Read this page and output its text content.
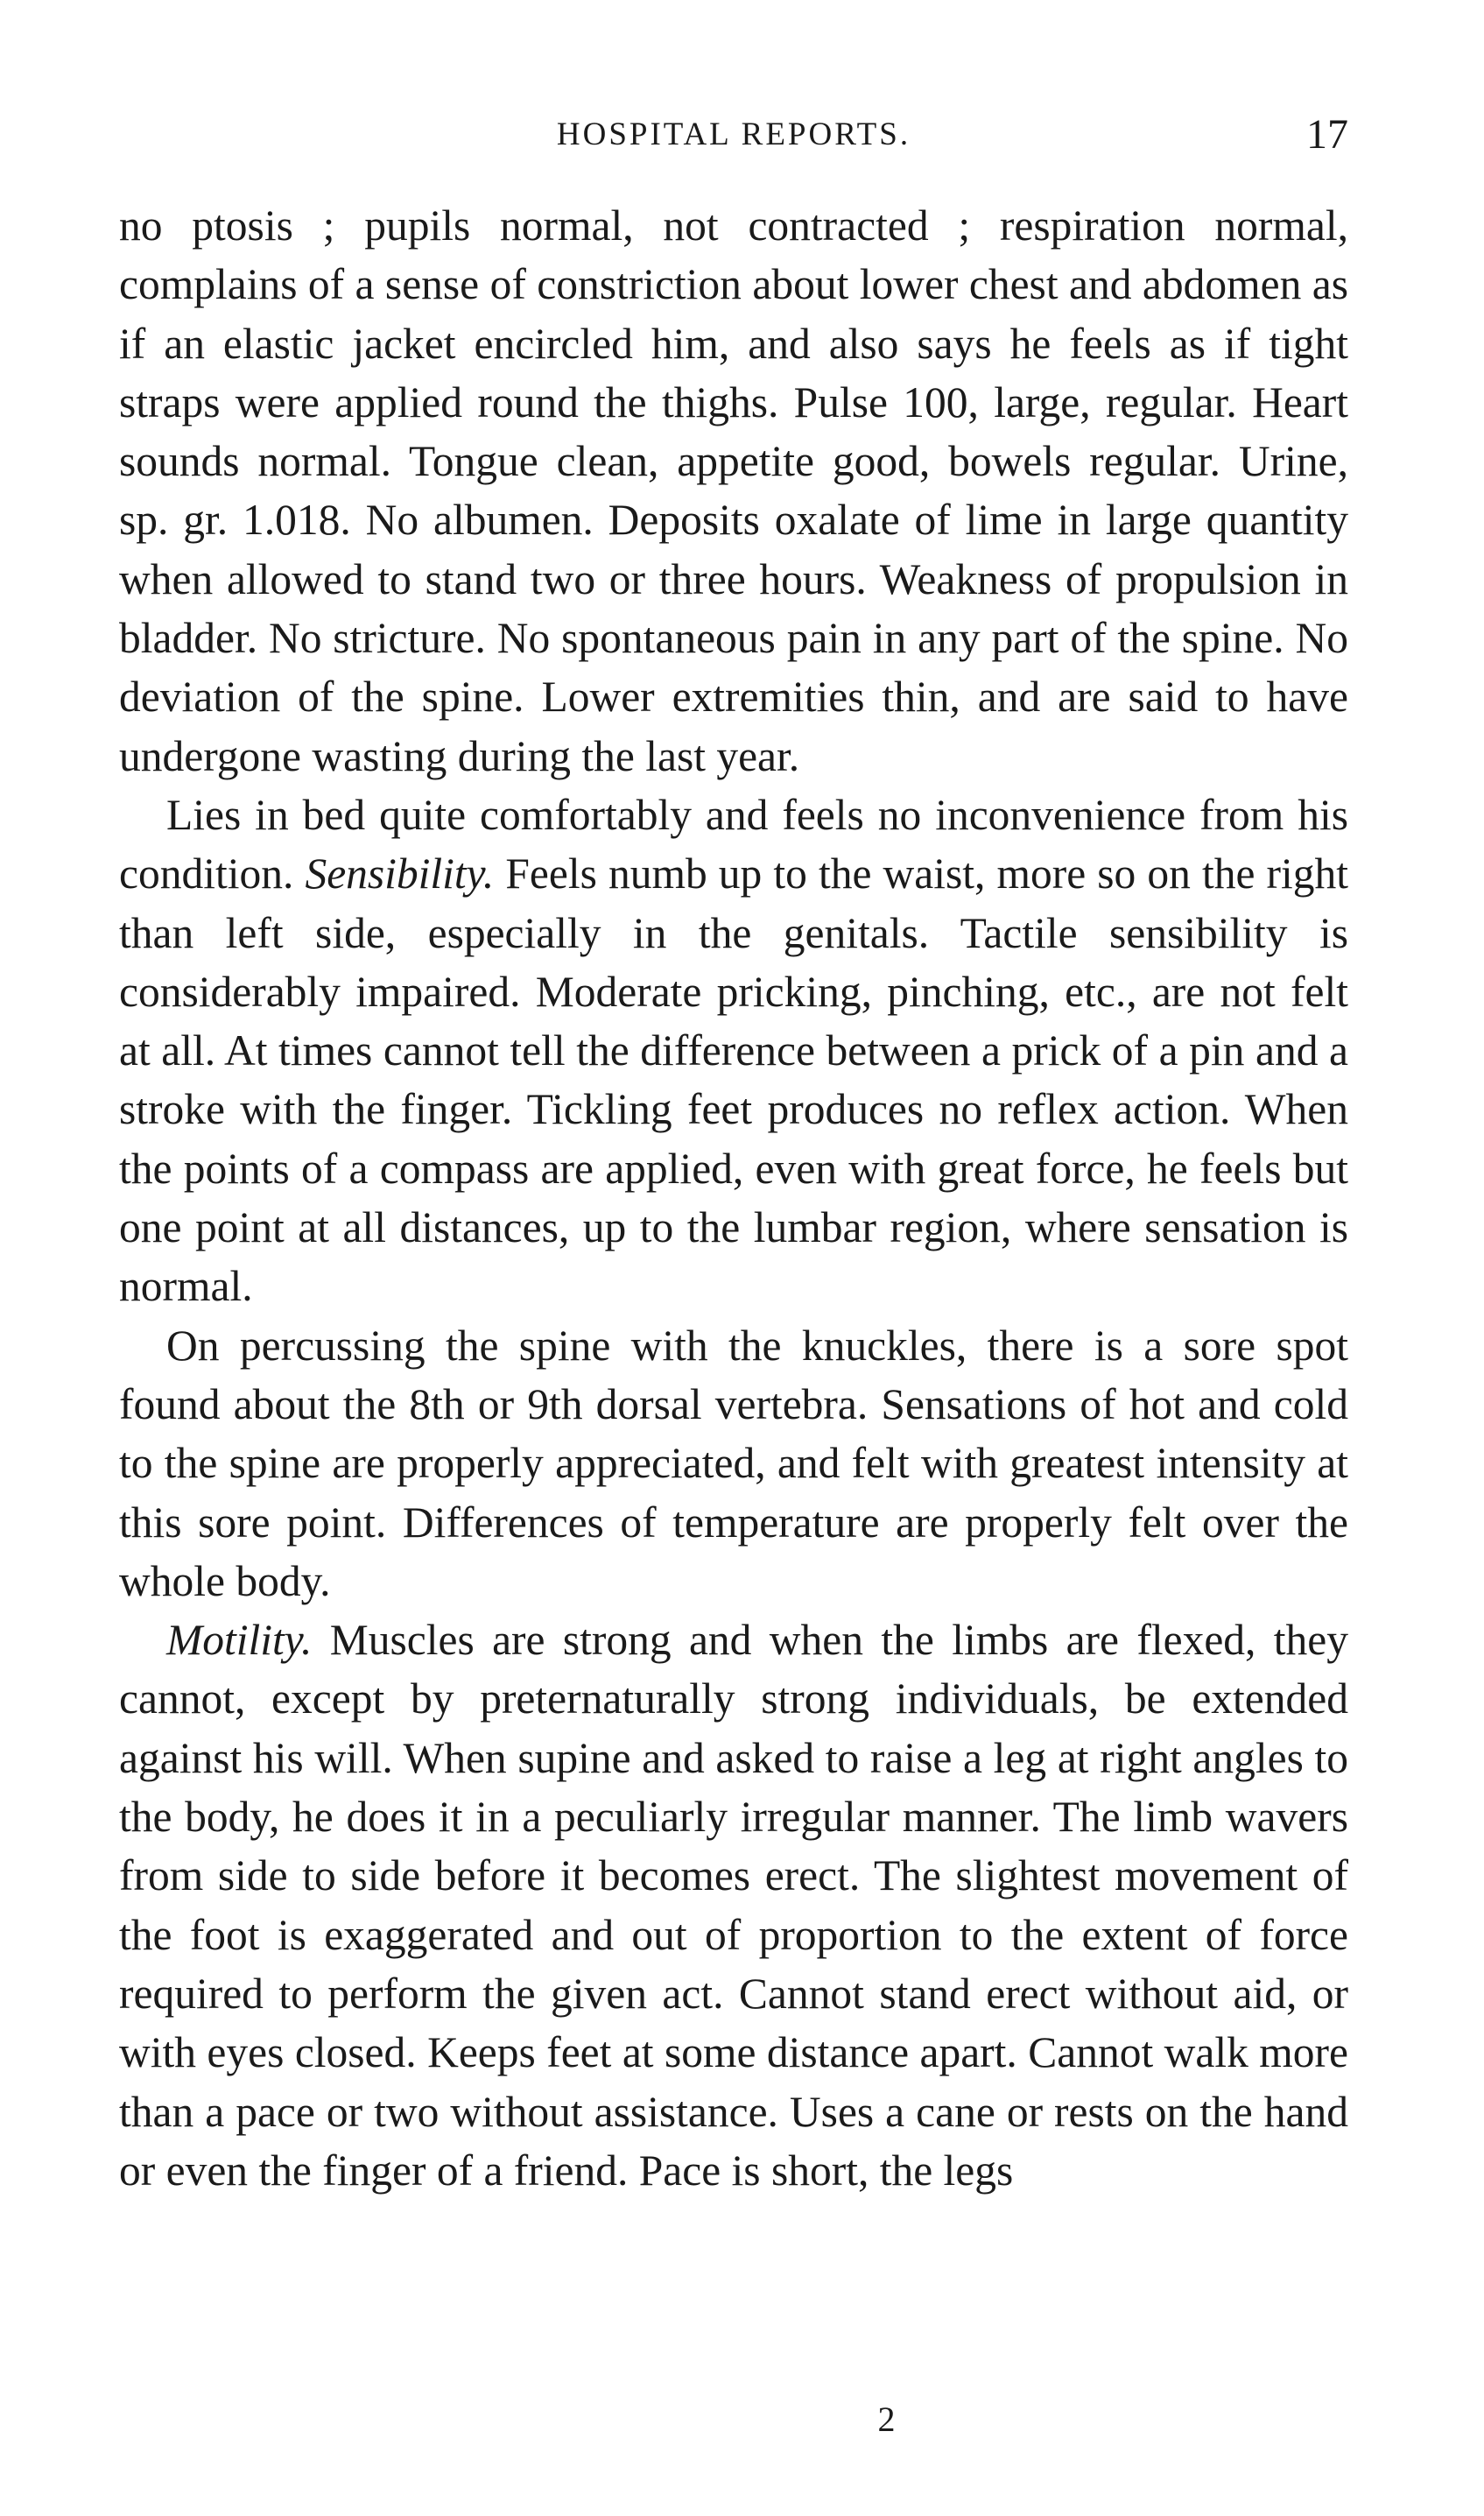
HOSPITAL REPORTS.	17

no ptosis ; pupils normal, not contracted ; respiration normal, complains of a sense of constriction about lower chest and abdomen as if an elastic jacket encircled him, and also says he feels as if tight straps were applied round the thighs. Pulse 100, large, regular. Heart sounds normal. Tongue clean, appetite good, bowels regular. Urine, sp. gr. 1.018. No albumen. Deposits oxalate of lime in large quantity when allowed to stand two or three hours. Weakness of propulsion in bladder. No stricture. No spontaneous pain in any part of the spine. No deviation of the spine. Lower extremities thin, and are said to have undergone wasting during the last year.

Lies in bed quite comfortably and feels no inconvenience from his condition. Sensibility. Feels numb up to the waist, more so on the right than left side, especially in the genitals. Tactile sensibility is considerably impaired. Moderate pricking, pinching, etc., are not felt at all. At times cannot tell the difference between a prick of a pin and a stroke with the finger. Tickling feet produces no reflex action. When the points of a compass are applied, even with great force, he feels but one point at all distances, up to the lumbar region, where sensation is normal.

On percussing the spine with the knuckles, there is a sore spot found about the 8th or 9th dorsal vertebra. Sensations of hot and cold to the spine are properly appreciated, and felt with greatest intensity at this sore point. Differences of temperature are properly felt over the whole body.

Motility. Muscles are strong and when the limbs are flexed, they cannot, except by preternaturally strong individuals, be extended against his will. When supine and asked to raise a leg at right angles to the body, he does it in a peculiarly irregular manner. The limb wavers from side to side before it becomes erect. The slightest movement of the foot is exaggerated and out of proportion to the extent of force required to perform the given act. Cannot stand erect without aid, or with eyes closed. Keeps feet at some distance apart. Cannot walk more than a pace or two without assistance. Uses a cane or rests on the hand or even the finger of a friend. Pace is short, the legs

2
